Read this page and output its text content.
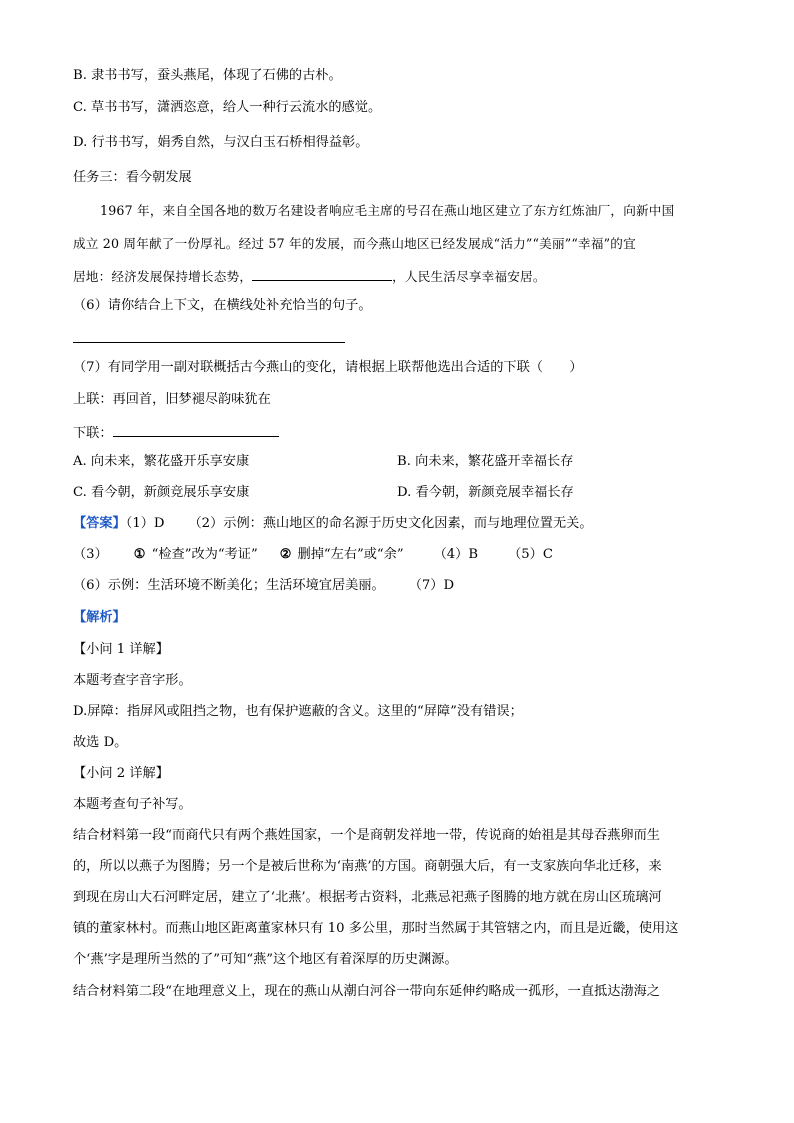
B. 隶书书写，蚕头燕尾，体现了石佛的古朴。
C. 草书书写，潇洒恣意，给人一种行云流水的感觉。
D. 行书书写，娟秀自然，与汉白玉石桥相得益彰。
任务三：看今朝发展
1967 年，来自全国各地的数万名建设者响应毛主席的号召在燕山地区建立了东方红炼油厂，向新中国
成立 20 周年献了一份厚礼。经过 57 年的发展，而今燕山地区已经发展成“活力”“美丽”“幸福”的宜
居地：经济发展保持增长态势，	，人民生活尽享幸福安居。
（6）请你结合上下文，在横线处补充恰当的句子。
（7）有同学用一副对联概括古今燕山的变化，请根据上联帮他选出合适的下联（　　）
上联：再回首，旧梦褪尽韵味犹在
下联：
A. 向未来，繁花盛开乐享安康	B. 向未来，繁花盛开幸福长存
C. 看今朝，新颜竞展乐享安康	D. 看今朝，新颜竞展幸福长存
【答案】（1）D （2）示例：燕山地区的命名源于历史文化因素，而与地理位置无关。
（3） ① “检查”改为“考证” ② 删掉“左右”或“余” （4）B （5）C
（6）示例：生活环境不断美化；生活环境宜居美丽。 （7）D
【解析】
【小问 1 详解】
本题考查字音字形。
D.屏障：指屏风或阻挡之物，也有保护遮蔽的含义。这里的“屏障”没有错误；
故选 D。
【小问 2 详解】
本题考查句子补写。
结合材料第一段“而商代只有两个燕姓国家，一个是商朝发祥地一带，传说商的始祖是其母吞燕卵而生
的，所以以燕子为图腾；另一个是被后世称为‘南燕’的方国。商朝强大后，有一支家族向华北迁移，来
到现在房山大石河畔定居，建立了‘北燕’。根据考古资料，北燕忌祀燕子图腾的地方就在房山区琉璃河
镇的董家林村。而燕山地区距离董家林只有 10 多公里，那时当然属于其管辖之内，而且是近畿，使用这
个‘燕’字是理所当然的了”可知“燕”这个地区有着深厚的历史渊源。
结合材料第二段“在地理意义上，现在的燕山从潮白河谷一带向东延伸约略成一孤形，一直抵达渤海之
